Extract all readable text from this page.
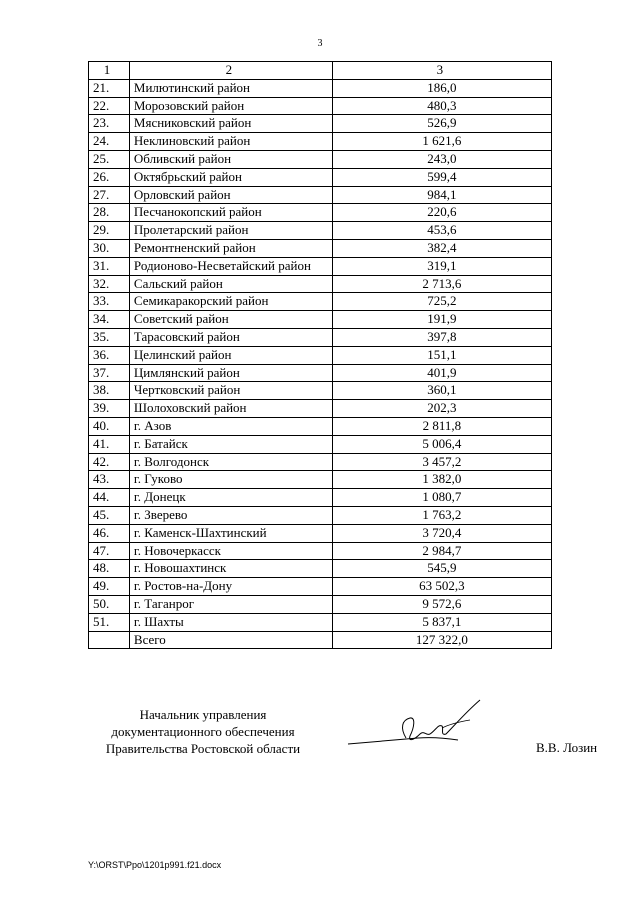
3
1	2	3
21.	Милютинский район	186,0
22.	Морозовский район	480,3
23.	Мясниковский район	526,9
24.	Неклиновский район	1 621,6
25.	Обливский район	243,0
26.	Октябрьский район	599,4
27.	Орловский район	984,1
28.	Песчанокопский район	220,6
29.	Пролетарский район	453,6
30.	Ремонтненский район	382,4
31.	Родионово-Несветайский район	319,1
32.	Сальский район	2 713,6
33.	Семикаракорский район	725,2
34.	Советский район	191,9
35.	Тарасовский район	397,8
36.	Целинский район	151,1
37.	Цимлянский район	401,9
38.	Чертковский район	360,1
39.	Шолоховский район	202,3
40.	г. Азов	2 811,8
41.	г. Батайск	5 006,4
42.	г. Волгодонск	3 457,2
43.	г. Гуково	1 382,0
44.	г. Донецк	1 080,7
45.	г. Зверево	1 763,2
46.	г. Каменск-Шахтинский	3 720,4
47.	г. Новочеркасск	2 984,7
48.	г. Новошахтинск	545,9
49.	г. Ростов-на-Дону	63 502,3
50.	г. Таганрог	9 572,6
51.	г. Шахты	5 837,1
	Всего	127 322,0
Начальник управления
документационного обеспечения
Правительства Ростовской области	В.В. Лозин
Y:\ORST\Ppo\1201p991.f21.docx
